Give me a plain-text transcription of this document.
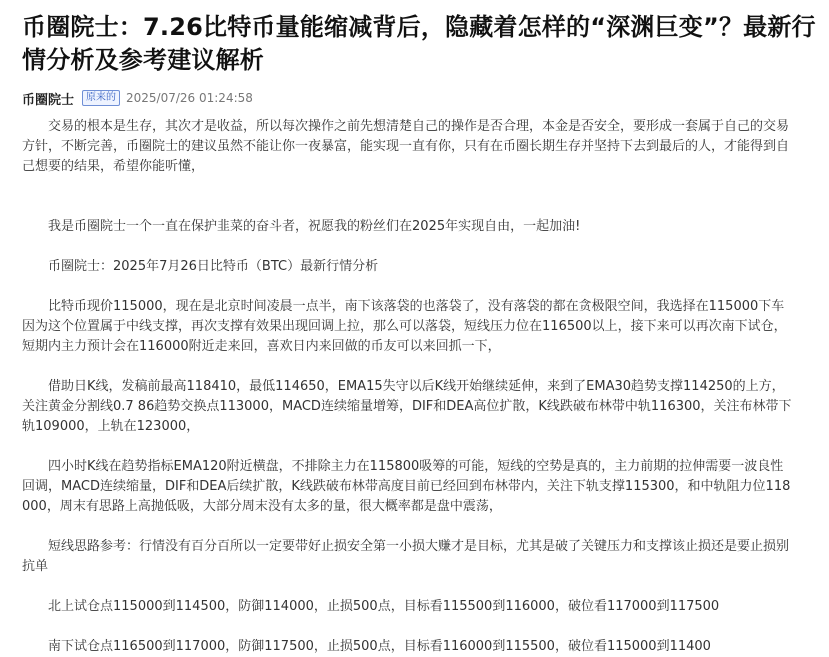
币圈院士：7.26比特币量能缩减背后，隐藏着怎样的“深渊巨变”？最新行情分析及参考建议解析
币圈院士	原来的 2025/07/26 01:24:58

交易的根本是生存，其次才是收益，所以每次操作之前先想清楚自己的操作是否合理，本金是否安全，要形成一套属于自己的交易方针，不断完善，币圈院士的建议虽然不能让你一夜暴富，能实现一直有你，只有在币圈长期生存并坚持下去到最后的人，才能得到自己想要的结果，希望你能听懂，

我是币圈院士一个一直在保护韭菜的奋斗者，祝愿我的粉丝们在2025年实现自由，一起加油!

币圈院士：2025年7月26日比特币（BTC）最新行情分析

比特币现价115000，现在是北京时间凌晨一点半，南下该落袋的也落袋了，没有落袋的都在贪极限空间，我选择在115000下车因为这个位置属于中线支撑，再次支撑有效果出现回调上拉，那么可以落袋，短线压力位在116500以上，接下来可以再次南下试仓，短期内主力预计会在116000附近走来回，喜欢日内来回做的币友可以来回抓一下，

借助日K线，发稿前最高118410，最低114650，EMA15失守以后K线开始继续延伸，来到了EMA30趋势支撑114250的上方，关注黄金分割线0.7 86趋势交换点113000，MACD连续缩量增筹，DIF和DEA高位扩散，K线跌破布林带中轨116300，关注布林带下轨109000，上轨在123000，

四小时K线在趋势指标EMA120附近横盘，不排除主力在115800吸筹的可能，短线的空势是真的，主力前期的拉伸需要一波良性回调，MACD连续缩量，DIF和DEA后续扩散，K线跌破布林带高度目前已经回到布林带内，关注下轨支撑115300，和中轨阻力位118000，周末有思路上高抛低吸，大部分周末没有太多的量，很大概率都是盘中震荡，

短线思路参考：行情没有百分百所以一定要带好止损安全第一小损大赚才是目标，尤其是破了关键压力和支撑该止损还是要止损别抗单

北上试仓点115000到114500，防御114000，止损500点，目标看115500到116000，破位看117000到117500

南下试仓点116500到117000，防御117500，止损500点，目标看116000到115500，破位看115000到11400
